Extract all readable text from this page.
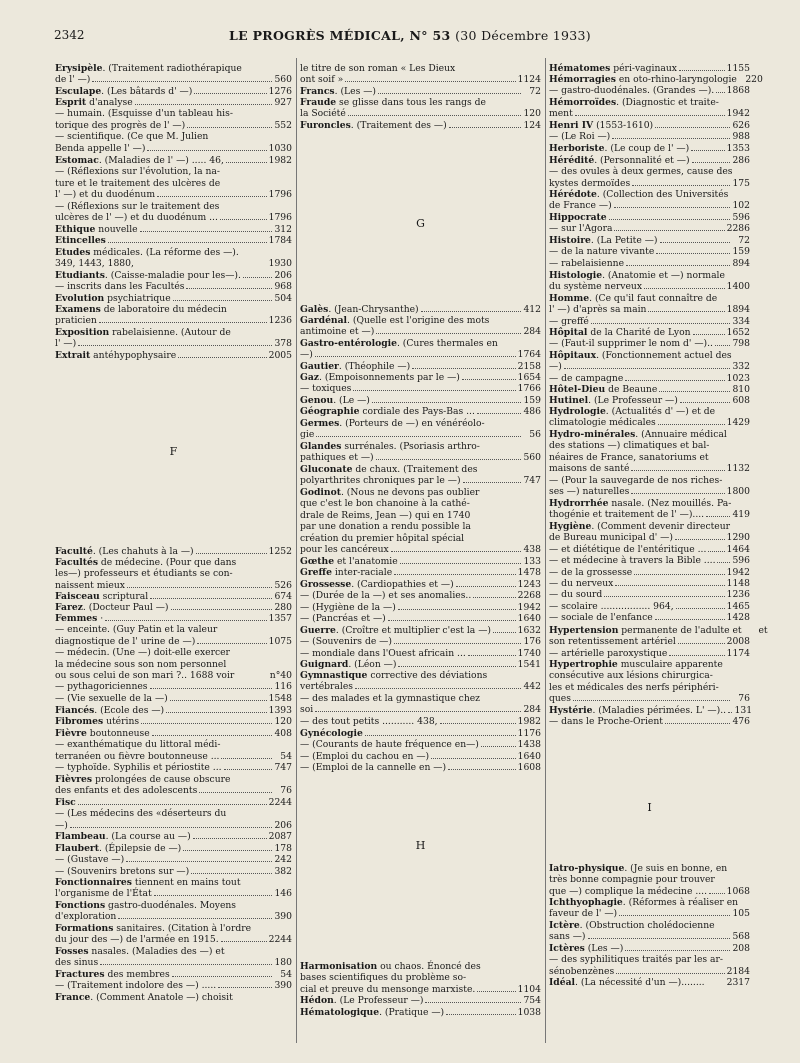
2342	LE PROGRÈS MÉDICAL, N° 53 (30 Décembre 1933)
Erysipèle. (Traitement radiothérapique
de l' —)	560
Esculape. (Les bâtards d' —)	1276
Esprit d'analyse	927
— humain. (Esquisse d'un tableau his-
torique des progrès de l' —)	552
— scientifique. (Ce que M. Julien
Benda appelle l' —)	1030
Estomac. (Maladies de l' —) ..... 46,	1982
— (Réflexions sur l'évolution, la na-
ture et le traitement des ulcères de
l' —) et du duodénum	1796
— (Réflexions sur le traitement des
ulcères de l' —) et du duodénum ...	1796
Ethique nouvelle	312
Etincelles	1784
Etudes médicales. (La réforme des —).
349, 1443, 1880,	1930
Etudiants. (Caisse-maladie pour les—).	206
— inscrits dans les Facultés	968
Evolution psychiatrique	504
Examens de laboratoire du médecin
praticien	1236
Exposition rabelaisienne. (Autour de
l' —)	378
Extrait antéhypophysaire	2005
F
Faculté. (Les chahuts à la —)	1252
Facultés de médecine. (Pour que dans
les—) professeurs et étudiants se con-
naissent mieux	526
Faisceau scriptural	674
Farez. (Docteur Paul —)	280
Femmes ·	1357
— enceinte. (Guy Patin et la valeur
diagnostique de l' urine de —)	1075
— médecin. (Une —) doit-elle exercer
la médecine sous son nom personnel
ou sous celui de son mari ?.. 1688 voir	n°40
— pythagoriciennes	116
— (Vie sexuelle de la —)	1548
Fiancés. (Ecole des —)	1393
Fibromes utérins	120
Fièvre boutonneuse	408
— exanthématique du littoral médi-
terranéen ou fièvre boutonneuse ...	54
— typhoïde. Syphilis et périostite ...	747
Fièvres prolongées de cause obscure
des enfants et des adolescents	76
Fisc	2244
— (Les médecins des «déserteurs du
—)	206
Flambeau. (La course au —)	2087
Flaubert. (Épilepsie de —)	178
— (Gustave —)	242
— (Souvenirs bretons sur —)	382
Fonctionnaires tiennent en mains tout
l'organisme de l'État	146
Fonctions gastro-duodénales. Moyens
d'exploration	390
Formations sanitaires. (Citation à l'ordre
du jour des —) de l'armée en 1915.	2244
Fosses nasales. (Maladies des —) et
des sinus	180
Fractures des membres	54
— (Traitement indolore des —) .....	390
France. (Comment Anatole —) choisit
le titre de son roman « Les Dieux
ont soif »	1124
Francs. (Les —)	72
Fraude se glisse dans tous les rangs de
la Société	120
Furoncles. (Traitement des —)	124
G
Galès. (Jean-Chrysanthe)	412
Gardénal. (Quelle est l'origine des mots
antimoine et —)	284
Gastro-entérologie. (Cures thermales en
—)	1764
Gautier. (Théophile —)	2158
Gaz. (Empoisonnements par le —)	1654
— toxiques	1766
Genou. (Le —)	159
Géographie cordiale des Pays-Bas ...	486
Germes. (Porteurs de —) en vénéréolo-
gie	56
Glandes surrénales. (Psoriasis arthro-
pathiques et —)	560
Gluconate de chaux. (Traitement des
polyarthrites chroniques par le —)	747
Godinot. (Nous ne devons pas oublier
que c'est le bon chanoine à la cathé-
drale de Reims, Jean —) qui en 1740
par une donation a rendu possible la
création du premier hôpital spécial
pour les cancéreux	438
Gœthe et l'anatomie	133
Greffe inter-raciale	1478
Grossesse. (Cardiopathies et —)	1243
— (Durée de la —) et ses anomalies..	2268
— (Hygiène de la —)	1942
— (Pancréas et —)	1640
Guerre. (Croître et multiplier c'est la —)	1632
— (Souvenirs de —)	176
— mondiale dans l'Ouest africain ...	1740
Guignard. (Léon —)	1541
Gymnastique corrective des déviations
vertébrales	442
— des malades et la gymnastique chez
soi	284
— des tout petits ........... 438,	1982
Gynécologie	1176
— (Courants de haute fréquence en—)	1438
— (Emploi du cachou en —)	1640
— (Emploi de la cannelle en —)	1608
H
Harmonisation ou chaos. Énoncé des
bases scientifiques du problème so-
cial et preuve du mensonge marxiste.	1104
Hédon. (Le Professeur —)	754
Hématologique. (Pratique —)	1038
Hématomes péri-vaginaux	1155
Hémorragies en oto-rhino-laryngologie 220
— gastro-duodénales. (Grandes —). 1868
Hémorroïdes. (Diagnostic et traite-
ment	1942
Henri IV (1553-1610)	626
— (Le Roi —)	988
Herboriste. (Le coup de l' —)	1353
Hérédité. (Personnalité et —)	286
— des ovules à deux germes, cause des
kystes dermoïdes	175
Hérédote. (Collection des Universités
de France —)	102
Hippocrate	596
— sur l'Agora	2286
Histoire. (La Petite —)	72
— de la nature vivante	159
— rabelaisienne	894
Histologie. (Anatomie et —) normale
du système nerveux	1400
Homme. (Ce qu'il faut connaître de
l' —) d'après sa main	1894
— greffé	334
Hôpital de la Charité de Lyon	1652
— (Faut-il supprimer le nom d' —).. 798
Hôpitaux. (Fonctionnement actuel des
—)	332
— de campagne	1023
Hôtel-Dieu de Beaune	810
Hutinel. (Le Professeur —)	608
Hydrologie. (Actualités d' —) et de
climatologie médicales	1429
Hydro-minérales. (Annuaire médical
des stations —) climatiques et bal-
néaires de France, sanatoriums et
maisons de santé	1132
— (Pour la sauvegarde de nos riches-
ses —) naturelles	1800
Hydrorrhée nasale. (Nez mouillés. Pa-
thogénie et traitement de l' —)....	419
Hygiène. (Comment devenir directeur
de Bureau municipal d' —)	1290
— et diététique de l'entéritique ... 1464
— et médecine à travers la Bible .... 596
— de la grossesse	1942
— du nerveux	1148
— du sourd	1236
— scolaire ................. 964,	1465
— sociale de l'enfance	1428
Hypertension permanente de l'adulte et	et
son retentissement artériel	2008
— artérielle paroxystique	1174
Hypertrophie musculaire apparente
consécutive aux lésions chirurgica-
les et médicales des nerfs périphéri-
ques	76
Hystérie. (Maladies périmées. L' —).. 131
— dans le Proche-Orient	476
I
Iatro-physique. (Je suis en bonne, en
très bonne compagnie pour trouver
que —) complique la médecine .... 1068
Ichthyophagie. (Réformes à réaliser en
faveur de l' —)	105
Ictère. (Obstruction cholédocienne
sans —)	568
Ictères (Les —)	208
— des syphilitiques traités par les ar-
sénobenzènes	2184
Idéal. (La nécessité d'un —)........ 2317
